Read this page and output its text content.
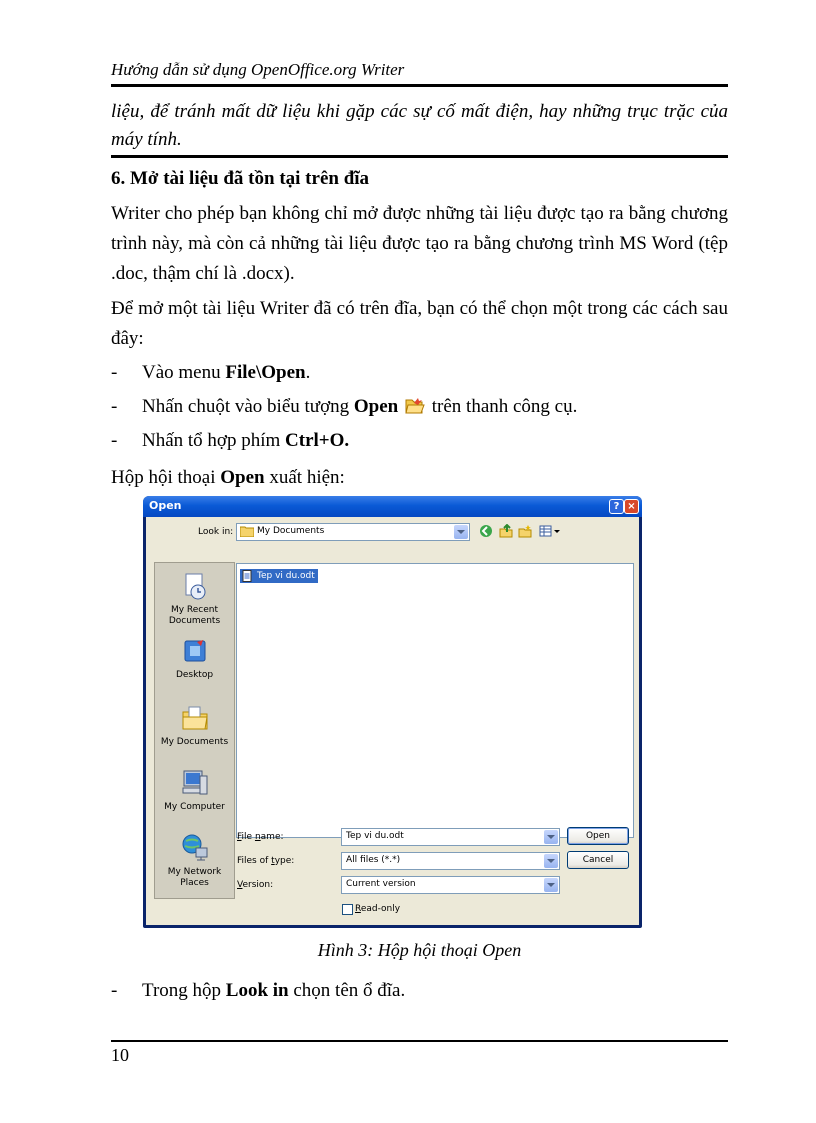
Hướng dẫn sử dụng OpenOffice.org Writer
liệu, để tránh mất dữ liệu khi gặp các sự cố mất điện, hay những trục trặc của máy tính.
6. Mở tài liệu đã tồn tại trên đĩa
Writer cho phép bạn không chỉ mở được những tài liệu được tạo ra bằng chương trình này, mà còn cả những tài liệu được tạo ra bằng chương trình MS Word (tệp .doc, thậm chí là .docx).
Để mở một tài liệu Writer đã có trên đĩa, bạn có thể chọn một trong các cách sau đây:
- Vào menu File\Open.
- Nhấn chuột vào biểu tượng Open  trên thanh công cụ.
- Nhấn tổ hợp phím Ctrl+O.
Hộp hội thoại Open xuất hiện:
Hình 3: Hộp hội thoại Open
- Trong hộp Look in chọn tên ổ đĩa.
10
Open	? ×
Look in:	My Documents
My Recent Documents
Desktop
My Documents
My Computer
My Network Places
Tep vi du.odt
File name:	Tep vi du.odt	Open
Files of type:	All files (*.*)	Cancel
Version:	Current version
Read-only
